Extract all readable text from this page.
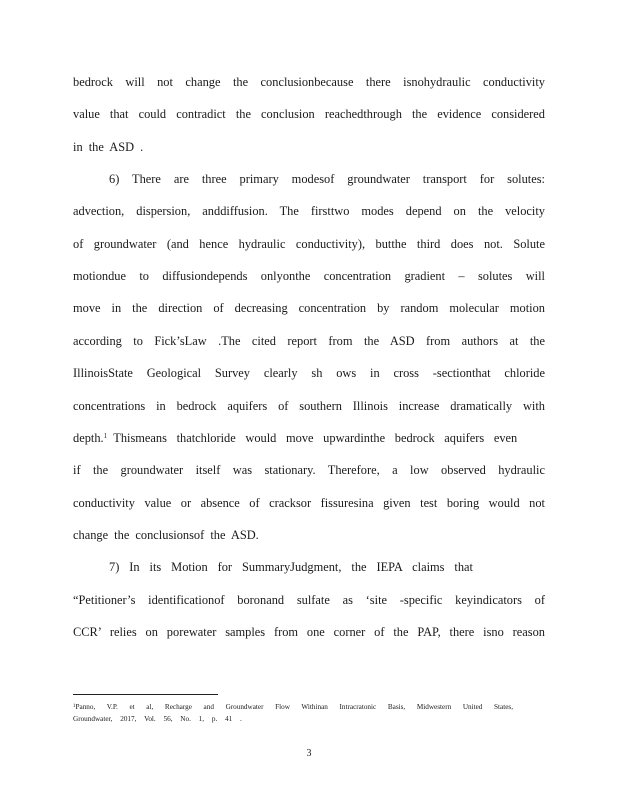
bedrock will not change the conclusionbecause there isnohydraulic conductivity
value that could contradict the conclusion reachedthrough the evidence considered
in the ASD .
6) There are three primary modesof groundwater transport for solutes:
advection, dispersion, anddiffusion. The firsttwo modes depend on the velocity
of groundwater (and hence hydraulic conductivity), butthe third does not. Solute
motiondue to diffusiondepends onlyonthe concentration gradient – solutes will
move in the direction of decreasing concentration by random molecular motion
according to Fick’sLaw .The cited report from the ASD from authors at the
IllinoisState Geological Survey clearly sh ows in cross -sectionthat chloride
concentrations in bedrock aquifers of southern Illinois increase dramatically with
depth.$^1$ Thismeans thatchloride would move upwardinthe bedrock aquifers even
if the groundwater itself was stationary. Therefore, a low observed hydraulic
conductivity value or absence of cracksor fissuresina given test boring would not
change the conclusionsof the ASD.
7) In its Motion for SummaryJudgment, the IEPA claims that
“Petitioner’s identificationof boronand sulfate as ‘site -specific keyindicators of
CCR’ relies on porewater samples from one corner of the PAP, there isno reason
$^1$Panno, V.P. et al, Recharge and Groundwater Flow Withinan Intracratonic Basis, Midwestern United States,
Groundwater, 2017, Vol. 56, No. 1, p. 41 .
3
